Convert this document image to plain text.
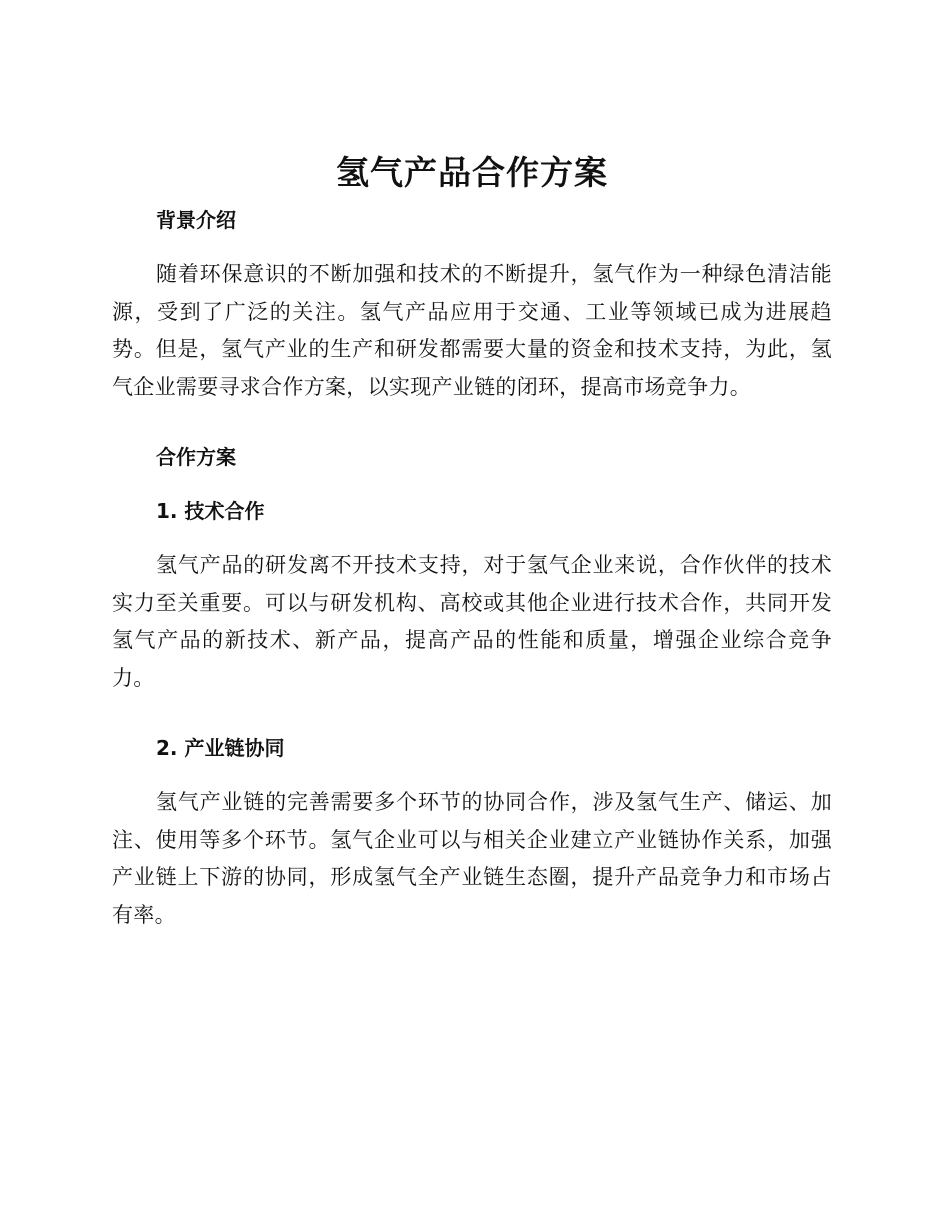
氢气产品合作方案
背景介绍

随着环保意识的不断加强和技术的不断提升，氢气作为一种绿色清洁能源，受到了广泛的关注。氢气产品应用于交通、工业等领域已成为进展趋势。但是，氢气产业的生产和研发都需要大量的资金和技术支持，为此，氢气企业需要寻求合作方案，以实现产业链的闭环，提高市场竞争力。

合作方案
1. 技术合作

氢气产品的研发离不开技术支持，对于氢气企业来说，合作伙伴的技术实力至关重要。可以与研发机构、高校或其他企业进行技术合作，共同开发氢气产品的新技术、新产品，提高产品的性能和质量，增强企业综合竞争力。

2. 产业链协同

氢气产业链的完善需要多个环节的协同合作，涉及氢气生产、储运、加注、使用等多个环节。氢气企业可以与相关企业建立产业链协作关系，加强产业链上下游的协同，形成氢气全产业链生态圈，提升产品竞争力和市场占有率。
